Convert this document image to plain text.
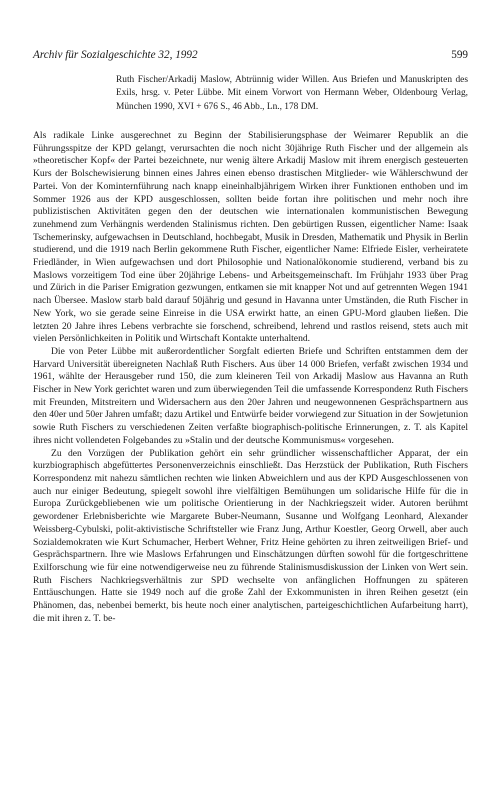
Archiv für Sozialgeschichte 32, 1992	599
Ruth Fischer/Arkadij Maslow, Abtrünnig wider Willen. Aus Briefen und Manuskripten des Exils, hrsg. v. Peter Lübbe. Mit einem Vorwort von Hermann Weber, Oldenbourg Verlag, München 1990, XVI + 676 S., 46 Abb., Ln., 178 DM.

Als radikale Linke ausgerechnet zu Beginn der Stabilisierungsphase der Weimarer Republik an die Führungsspitze der KPD gelangt, verursachten die noch nicht 30jährige Ruth Fischer und der allgemein als »theoretischer Kopf« der Partei bezeichnete, nur wenig ältere Arkadij Maslow mit ihrem energisch gesteuerten Kurs der Bolschewisierung binnen eines Jahres einen ebenso drastischen Mitglieder- wie Wählerschwund der Partei. Von der Kominternführung nach knapp eineinhalbjährigem Wirken ihrer Funktionen enthoben und im Sommer 1926 aus der KPD ausgeschlossen, sollten beide fortan ihre politischen und mehr noch ihre publizistischen Aktivitäten gegen den der deutschen wie internationalen kommunistischen Bewegung zunehmend zum Verhängnis werdenden Stalinismus richten. Den gebürtigen Russen, eigentlicher Name: Isaak Tschemerinsky, aufgewachsen in Deutschland, hochbegabt, Musik in Dresden, Mathematik und Physik in Berlin studierend, und die 1919 nach Berlin gekommene Ruth Fischer, eigentlicher Name: Elfriede Eisler, verheiratete Friedländer, in Wien aufgewachsen und dort Philosophie und Nationalökonomie studierend, verband bis zu Maslows vorzeitigem Tod eine über 20jährige Lebens- und Arbeitsgemeinschaft. Im Frühjahr 1933 über Prag und Zürich in die Pariser Emigration gezwungen, entkamen sie mit knapper Not und auf getrennten Wegen 1941 nach Übersee. Maslow starb bald darauf 50jährig und gesund in Havanna unter Umständen, die Ruth Fischer in New York, wo sie gerade seine Einreise in die USA erwirkt hatte, an einen GPU-Mord glauben ließen. Die letzten 20 Jahre ihres Lebens verbrachte sie forschend, schreibend, lehrend und rastlos reisend, stets auch mit vielen Persönlichkeiten in Politik und Wirtschaft Kontakte unterhaltend.

Die von Peter Lübbe mit außerordentlicher Sorgfalt edierten Briefe und Schriften entstammen dem der Harvard Universität übereigneten Nachlaß Ruth Fischers. Aus über 14 000 Briefen, verfaßt zwischen 1934 und 1961, wählte der Herausgeber rund 150, die zum kleineren Teil von Arkadij Maslow aus Havanna an Ruth Fischer in New York gerichtet waren und zum überwiegenden Teil die umfassende Korrespondenz Ruth Fischers mit Freunden, Mitstreitern und Widersachern aus den 20er Jahren und neugewonnenen Gesprächspartnern aus den 40er und 50er Jahren umfaßt; dazu Artikel und Entwürfe beider vorwiegend zur Situation in der Sowjetunion sowie Ruth Fischers zu verschiedenen Zeiten verfaßte biographisch-politische Erinnerungen, z. T. als Kapitel ihres nicht vollendeten Folgebandes zu »Stalin und der deutsche Kommunismus« vorgesehen.

Zu den Vorzügen der Publikation gehört ein sehr gründlicher wissenschaftlicher Apparat, der ein kurzbiographisch abgefüttertes Personenverzeichnis einschließt. Das Herzstück der Publikation, Ruth Fischers Korrespondenz mit nahezu sämtlichen rechten wie linken Abweichlern und aus der KPD Ausgeschlossenen von auch nur einiger Bedeutung, spiegelt sowohl ihre vielfältigen Bemühungen um solidarische Hilfe für die in Europa Zurückgebliebenen wie um politische Orientierung in der Nachkriegszeit wider. Autoren berühmt gewordener Erlebnisberichte wie Margarete Buber-Neumann, Susanne und Wolfgang Leonhard, Alexander Weissberg-Cybulski, polit-aktivistische Schriftsteller wie Franz Jung, Arthur Koestler, Georg Orwell, aber auch Sozialdemokraten wie Kurt Schumacher, Herbert Wehner, Fritz Heine gehörten zu ihren zeitweiligen Brief- und Gesprächspartnern. Ihre wie Maslows Erfahrungen und Einschätzungen dürften sowohl für die fortgeschrittene Exilforschung wie für eine notwendigerweise neu zu führende Stalinismusdiskussion der Linken von Wert sein. Ruth Fischers Nachkriegsverhältnis zur SPD wechselte von anfänglichen Hoffnungen zu späteren Enttäuschungen. Hatte sie 1949 noch auf die große Zahl der Exkommunisten in ihren Reihen gesetzt (ein Phänomen, das, nebenbei bemerkt, bis heute noch einer analytischen, parteigeschichtlichen Aufarbeitung harrt), die mit ihren z. T. be-
